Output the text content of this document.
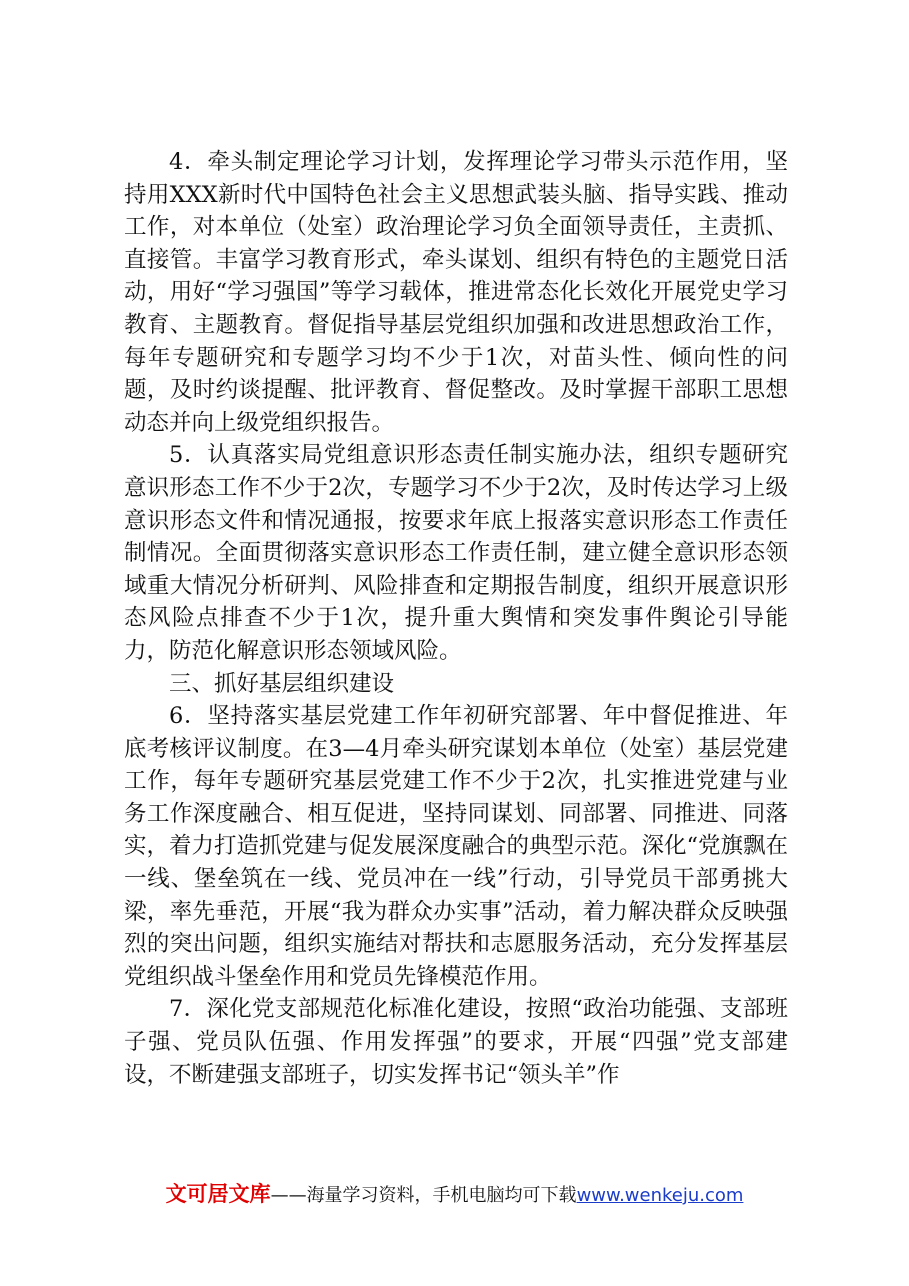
4．牵头制定理论学习计划，发挥理论学习带头示范作用，坚持用XXX新时代中国特色社会主义思想武装头脑、指导实践、推动工作，对本单位（处室）政治理论学习负全面领导责任，主责抓、直接管。丰富学习教育形式，牵头谋划、组织有特色的主题党日活动，用好“学习强国”等学习载体，推进常态化长效化开展党史学习教育、主题教育。督促指导基层党组织加强和改进思想政治工作，每年专题研究和专题学习均不少于1次，对苗头性、倾向性的问题，及时约谈提醒、批评教育、督促整改。及时掌握干部职工思想动态并向上级党组织报告。

5．认真落实局党组意识形态责任制实施办法，组织专题研究意识形态工作不少于2次，专题学习不少于2次，及时传达学习上级意识形态文件和情况通报，按要求年底上报落实意识形态工作责任制情况。全面贯彻落实意识形态工作责任制，建立健全意识形态领域重大情况分析研判、风险排查和定期报告制度，组织开展意识形态风险点排查不少于1次，提升重大舆情和突发事件舆论引导能力，防范化解意识形态领域风险。

三、抓好基层组织建设

6．坚持落实基层党建工作年初研究部署、年中督促推进、年底考核评议制度。在3—4月牵头研究谋划本单位（处室）基层党建工作，每年专题研究基层党建工作不少于2次，扎实推进党建与业务工作深度融合、相互促进，坚持同谋划、同部署、同推进、同落实，着力打造抓党建与促发展深度融合的典型示范。深化“党旗飘在一线、堡垒筑在一线、党员冲在一线”行动，引导党员干部勇挑大梁，率先垂范，开展“我为群众办实事”活动，着力解决群众反映强烈的突出问题，组织实施结对帮扶和志愿服务活动，充分发挥基层党组织战斗堡垒作用和党员先锋模范作用。

7．深化党支部规范化标准化建设，按照“政治功能强、支部班子强、党员队伍强、作用发挥强”的要求，开展“四强”党支部建设，不断建强支部班子，切实发挥书记“领头羊”作

文可居文库——海量学习资料，手机电脑均可下载www.wenkeju.com
